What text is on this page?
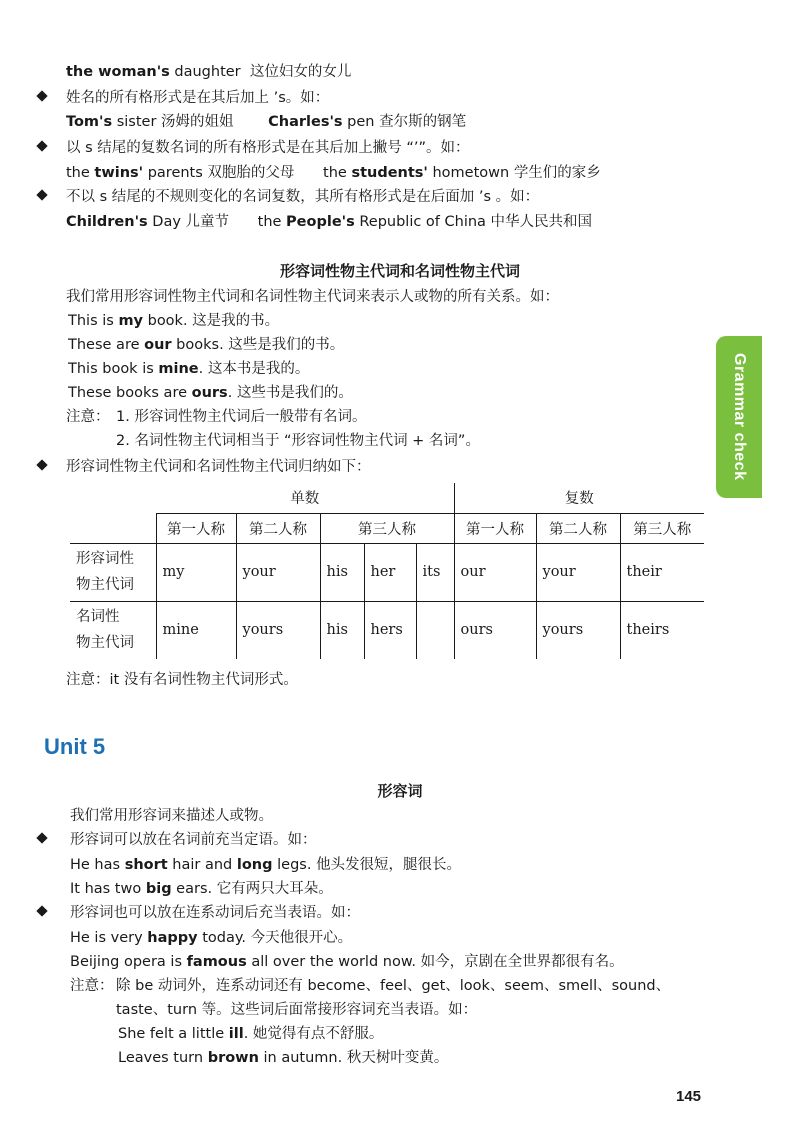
the woman's daughter 这位妇女的女儿
姓名的所有格形式是在其后加上 ’s。如：
Tom's sister 汤姆的姐姐 Charles's pen 查尔斯的钢笔
以 s 结尾的复数名词的所有格形式是在其后加上撇号 “’”。如：
the twins' parents 双胞胎的父母 the students' hometown 学生们的家乡
不以 s 结尾的不规则变化的名词复数，其所有格形式是在后面加 ’s 。如：
Children's Day 儿童节 the People's Republic of China 中华人民共和国
形容词性物主代词和名词性物主代词
我们常用形容词性物主代词和名词性物主代词来表示人或物的所有关系。如：
This is my book. 这是我的书。
These are our books. 这些是我们的书。
This book is mine. 这本书是我的。
These books are ours. 这些书是我们的。
注意： 1. 形容词性物主代词后一般带有名词。
2. 名词性物主代词相当于 “形容词性物主代词 + 名词”。
形容词性物主代词和名词性物主代词归纳如下：
	单数					复数		
	第一人称	第二人称	第三人称			第一人称	第二人称	第三人称
形容词性
物主代词	my	your	his	her	its	our	your	their
名词性
物主代词	mine	yours	his	hers		ours	yours	theirs
注意：it 没有名词性物主代词形式。
Unit 5
形容词
我们常用形容词来描述人或物。
形容词可以放在名词前充当定语。如：
He has short hair and long legs. 他头发很短，腿很长。
It has two big ears. 它有两只大耳朵。
形容词也可以放在连系动词后充当表语。如：
He is very happy today. 今天他很开心。
Beijing opera is famous all over the world now. 如今，京剧在全世界都很有名。
注意： 除 be 动词外，连系动词还有 become、feel、get、look、seem、smell、sound、
taste、turn 等。这些词后面常接形容词充当表语。如：
She felt a little ill. 她觉得有点不舒服。
Leaves turn brown in autumn. 秋天树叶变黄。
Grammar check
145
